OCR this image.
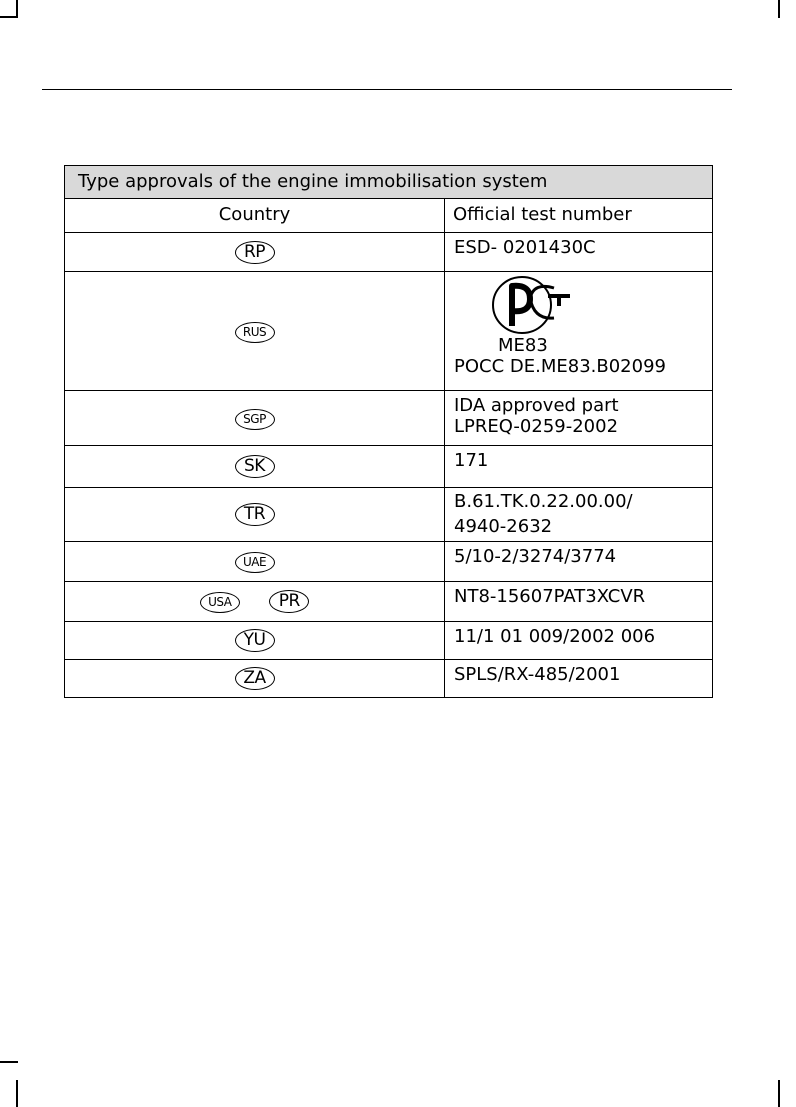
Type approvals of the engine immobilisation system	
Country	Official test number
RP	ESD- 0201430C
RUS	ME83
POCC DE.ME83.B02099

SGP	IDA approved part
LPREQ-0259-2002
SK	171
TR	B.61.TK.0.22.00.00/
4940-2632
UAE	5/10-2/3274/3774
USA PR	NT8-15607PAT3XCVR
YU	11/1 01 009/2002 006
ZA	SPLS/RX-485/2001
